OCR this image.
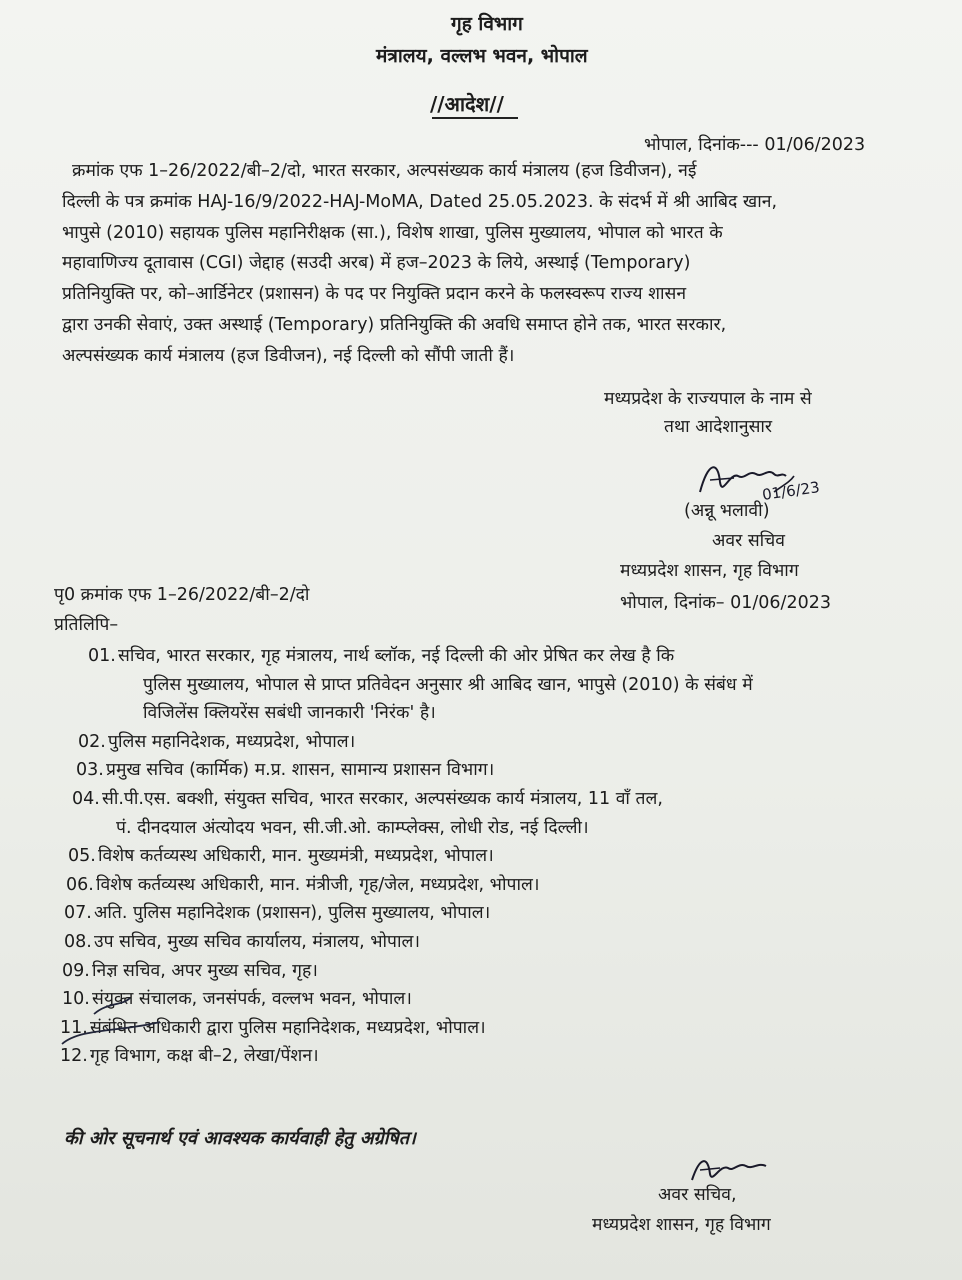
गृह विभाग
मंत्रालय, वल्लभ भवन, भोपाल
//आदेश//
भोपाल, दिनांक--- 01/06/2023
क्रमांक एफ 1–26/2022/बी–2/दो, भारत सरकार, अल्पसंख्यक कार्य मंत्रालय (हज डिवीजन), नई
दिल्ली के पत्र क्रमांक HAJ-16/9/2022-HAJ-MoMA, Dated 25.05.2023. के संदर्भ में श्री आबिद खान,
भापुसे (2010) सहायक पुलिस महानिरीक्षक (सा.), विशेष शाखा, पुलिस मुख्यालय, भोपाल को भारत के
महावाणिज्य दूतावास (CGI) जेद्दाह (सउदी अरब) में हज–2023 के लिये, अस्थाई (Temporary)
प्रतिनियुक्ति पर, को–आर्डिनेटर (प्रशासन) के पद पर नियुक्ति प्रदान करने के फलस्वरूप राज्य शासन
द्वारा उनकी सेवाएं, उक्त अस्थाई (Temporary) प्रतिनियुक्ति की अवधि समाप्त होने तक, भारत सरकार,
अल्पसंख्यक कार्य मंत्रालय (हज डिवीजन), नई दिल्ली को सौंपी जाती हैं।
मध्यप्रदेश के राज्यपाल के नाम से
तथा आदेशानुसार
01/6/23
(अन्नू भलावी)
अवर सचिव
मध्यप्रदेश शासन, गृह विभाग
पृ0 क्रमांक एफ 1–26/2022/बी–2/दो	भोपाल, दिनांक– 01/06/2023
प्रतिलिपि–
01. सचिव, भारत सरकार, गृह मंत्रालय, नार्थ ब्लॉक, नई दिल्ली की ओर प्रेषित कर लेख है कि
पुलिस मुख्यालय, भोपाल से प्राप्त प्रतिवेदन अनुसार श्री आबिद खान, भापुसे (2010) के संबंध में
विजिलेंस क्लियरेंस सबंधी जानकारी 'निरंक' है।
02. पुलिस महानिदेशक, मध्यप्रदेश, भोपाल।
03. प्रमुख सचिव (कार्मिक) म.प्र. शासन, सामान्य प्रशासन विभाग।
04. सी.पी.एस. बक्शी, संयुक्त सचिव, भारत सरकार, अल्पसंख्यक कार्य मंत्रालय, 11 वॉं तल,
पं. दीनदयाल अंत्योदय भवन, सी.जी.ओ. काम्प्लेक्स, लोधी रोड, नई दिल्ली।
05. विशेष कर्तव्यस्थ अधिकारी, मान. मुख्यमंत्री, मध्यप्रदेश, भोपाल।
06. विशेष कर्तव्यस्थ अधिकारी, मान. मंत्रीजी, गृह/जेल, मध्यप्रदेश, भोपाल।
07. अति. पुलिस महानिदेशक (प्रशासन), पुलिस मुख्यालय, भोपाल।
08. उप सचिव, मुख्य सचिव कार्यालय, मंत्रालय, भोपाल।
09. निज्ञ सचिव, अपर मुख्य सचिव, गृह।
10. संयुक्त संचालक, जनसंपर्क, वल्लभ भवन, भोपाल।
11. संबंधित अधिकारी द्वारा पुलिस महानिदेशक, मध्यप्रदेश, भोपाल।
12. गृह विभाग, कक्ष बी–2, लेखा/पेंशन।
की ओर सूचनार्थ एवं आवश्यक कार्यवाही हेतु अग्रेषित।
अवर सचिव,
मध्यप्रदेश शासन, गृह विभाग
